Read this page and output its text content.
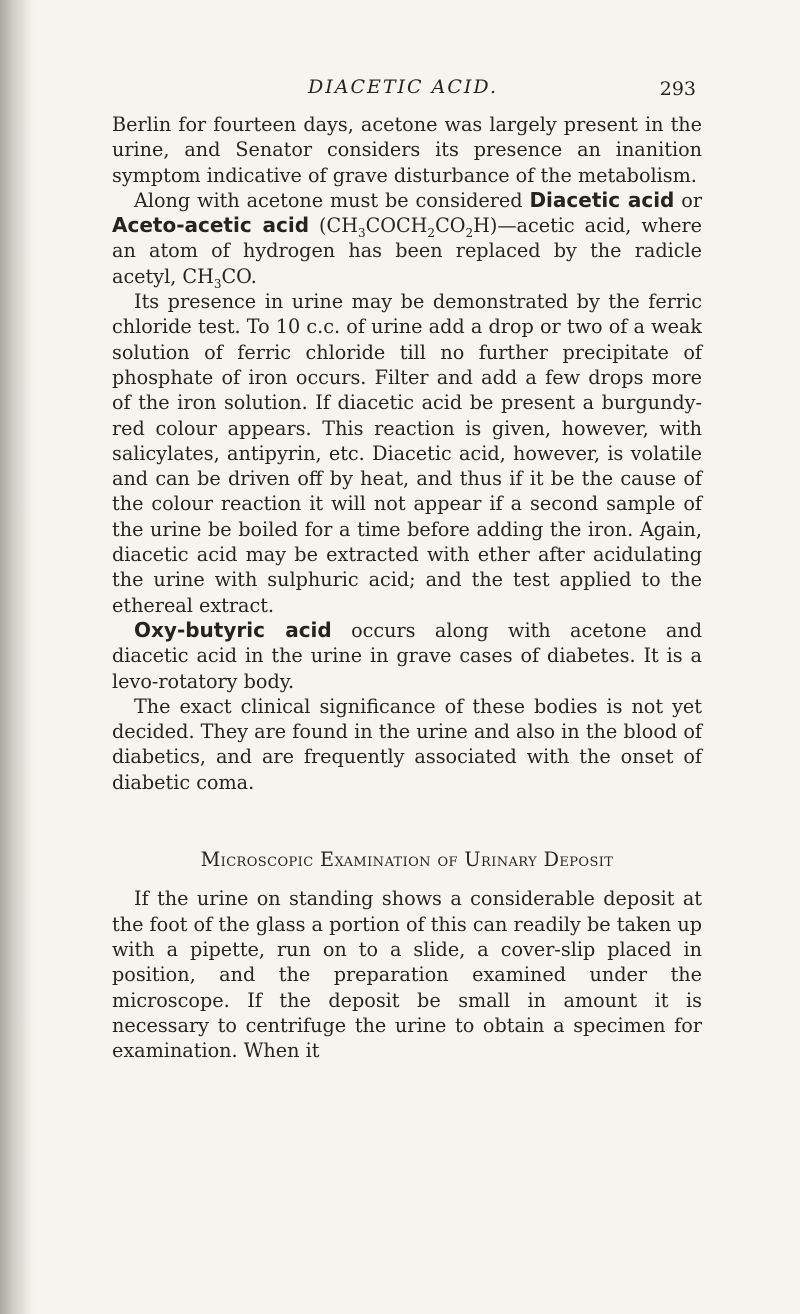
DIACETIC ACID.	293

Berlin for fourteen days, acetone was largely present in the urine, and Senator considers its presence an inanition symptom indicative of grave disturbance of the metabolism.

Along with acetone must be considered Diacetic acid or Aceto-acetic acid $(CH_3COCH_2CO_2H)—acetic$ acid, where an atom of hydrogen has been replaced by the radicle acetyl, $CH_3CO$.

Its presence in urine may be demonstrated by the ferric chloride test. To 10 c.c. of urine add a drop or two of a weak solution of ferric chloride till no further precipitate of phosphate of iron occurs. Filter and add a few drops more of the iron solution. If diacetic acid be present a burgundy-red colour appears. This reaction is given, however, with salicylates, antipyrin, etc. Diacetic acid, however, is volatile and can be driven off by heat, and thus if it be the cause of the colour reaction it will not appear if a second sample of the urine be boiled for a time before adding the iron. Again, diacetic acid may be extracted with ether after acidulating the urine with sulphuric acid; and the test applied to the ethereal extract.

Oxy-butyric acid occurs along with acetone and diacetic acid in the urine in grave cases of diabetes. It is a levo-rotatory body.

The exact clinical significance of these bodies is not yet decided. They are found in the urine and also in the blood of diabetics, and are frequently associated with the onset of diabetic coma.

Microscopic Examination of Urinary Deposit

If the urine on standing shows a considerable deposit at the foot of the glass a portion of this can readily be taken up with a pipette, run on to a slide, a cover-slip placed in position, and the preparation examined under the microscope. If the deposit be small in amount it is necessary to centrifuge the urine to obtain a specimen for examination. When it
